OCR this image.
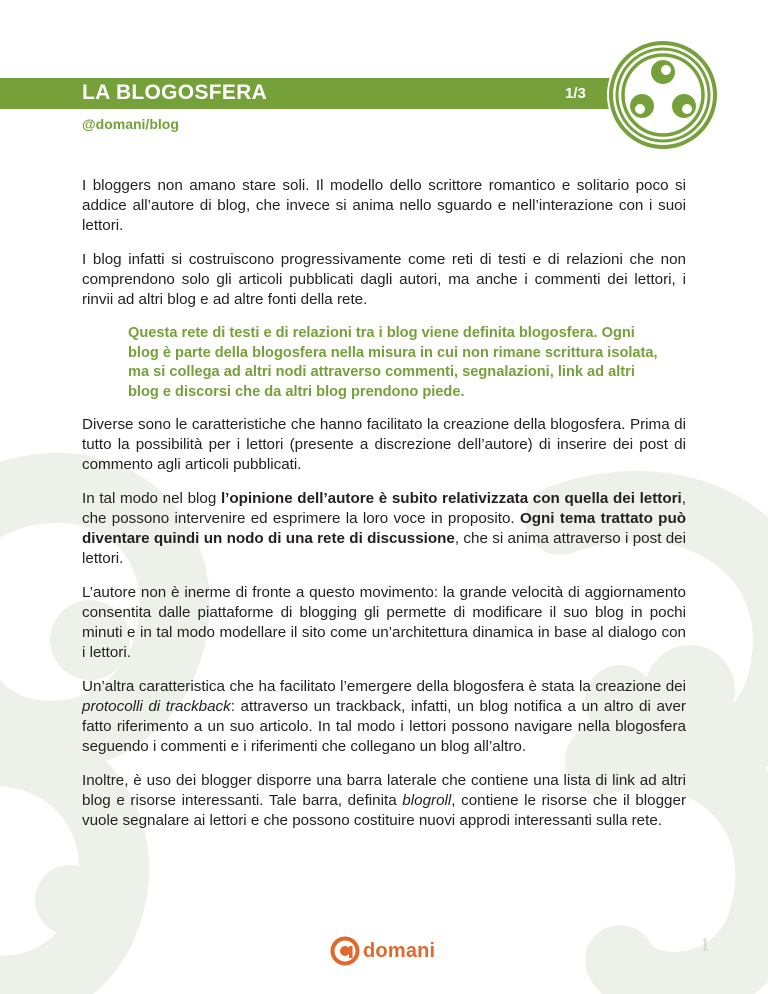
LA BLOGOSFERA	1/3
@domani/blog

I bloggers non amano stare soli. Il modello dello scrittore romantico e solitario poco si addice all’autore di blog, che invece si anima nello sguardo e nell’interazione con i suoi lettori.

I blog infatti si costruiscono progressivamente come reti di testi e di relazioni che non comprendono solo gli articoli pubblicati dagli autori, ma anche i commenti dei lettori, i rinvii ad altri blog e ad altre fonti della rete.

Questa rete di testi e di relazioni tra i blog viene definita blogosfera. Ogni blog è parte della blogosfera nella misura in cui non rimane scrittura isolata, ma si collega ad altri nodi attraverso commenti, segnalazioni, link ad altri blog e discorsi che da altri blog prendono piede.

Diverse sono le caratteristiche che hanno facilitato la creazione della blogosfera. Prima di tutto la possibilità per i lettori (presente a discrezione dell’autore) di inserire dei post di commento agli articoli pubblicati.

In tal modo nel blog l’opinione dell’autore è subito relativizzata con quella dei lettori, che possono intervenire ed esprimere la loro voce in proposito. Ogni tema trattato può diventare quindi un nodo di una rete di discussione, che si anima attraverso i post dei lettori.

L’autore non è inerme di fronte a questo movimento: la grande velocità di aggiornamento consentita dalle piattaforme di blogging gli permette di modificare il suo blog in pochi minuti e in tal modo modellare il sito come un’architettura dinamica in base al dialogo con i lettori.

Un’altra caratteristica che ha facilitato l’emergere della blogosfera è stata la creazione dei protocolli di trackback: attraverso un trackback, infatti, un blog notifica a un altro di aver fatto riferimento a un suo articolo. In tal modo i lettori possono navigare nella blogosfera seguendo i commenti e i riferimenti che collegano un blog all’altro.

Inoltre, è uso dei blogger disporre una barra laterale che contiene una lista di link ad altri blog e risorse interessanti. Tale barra, definita blogroll, contiene le risorse che il blogger vuole segnalare ai lettori e che possono costituire nuovi approdi interessanti sulla rete.

domani	1
